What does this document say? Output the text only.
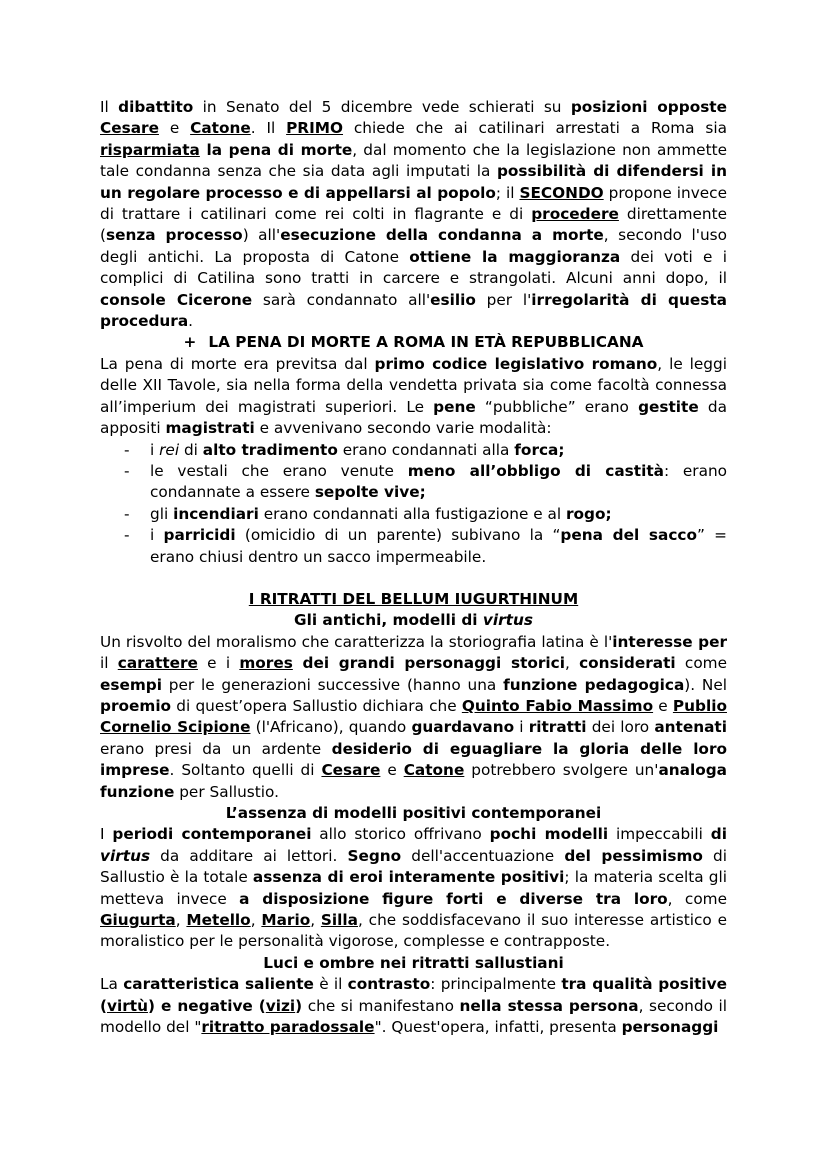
Il dibattito in Senato del 5 dicembre vede schierati su posizioni opposte Cesare e Catone. Il PRIMO chiede che ai catilinari arrestati a Roma sia risparmiata la pena di morte, dal momento che la legislazione non ammette tale condanna senza che sia data agli imputati la possibilità di difendersi in un regolare processo e di appellarsi al popolo; il SECONDO propone invece di trattare i catilinari come rei colti in flagrante e di procedere direttamente (senza processo) all'esecuzione della condanna a morte, secondo l'uso degli antichi. La proposta di Catone ottiene la maggioranza dei voti e i complici di Catilina sono tratti in carcere e strangolati. Alcuni anni dopo, il console Cicerone sarà condannato all'esilio per l'irregolarità di questa procedura.

+ LA PENA DI MORTE A ROMA IN ETÀ REPUBBLICANA

La pena di morte era previtsa dal primo codice legislativo romano, le leggi delle XII Tavole, sia nella forma della vendetta privata sia come facoltà connessa all’imperium dei magistrati superiori. Le pene “pubbliche” erano gestite da appositi magistrati e avvenivano secondo varie modalità:

- i rei di alto tradimento erano condannati alla forca;
- le vestali che erano venute meno all’obbligo di castità: erano condannate a essere sepolte vive;
- gli incendiari erano condannati alla fustigazione e al rogo;
- i parricidi (omicidio di un parente) subivano la “pena del sacco” = erano chiusi dentro un sacco impermeabile.

I RITRATTI DEL BELLUM IUGURTHINUM

Gli antichi, modelli di virtus

Un risvolto del moralismo che caratterizza la storiografia latina è l'interesse per il carattere e i mores dei grandi personaggi storici, considerati come esempi per le generazioni successive (hanno una funzione pedagogica). Nel proemio di quest’opera Sallustio dichiara che Quinto Fabio Massimo e Publio Cornelio Scipione (l'Africano), quando guardavano i ritratti dei loro antenati erano presi da un ardente desiderio di eguagliare la gloria delle loro imprese. Soltanto quelli di Cesare e Catone potrebbero svolgere un'analoga funzione per Sallustio.

L’assenza di modelli positivi contemporanei

I periodi contemporanei allo storico offrivano pochi modelli impeccabili di virtus da additare ai lettori. Segno dell'accentuazione del pessimismo di Sallustio è la totale assenza di eroi interamente positivi; la materia scelta gli metteva invece a disposizione figure forti e diverse tra loro, come Giugurta, Metello, Mario, Silla, che soddisfacevano il suo interesse artistico e moralistico per le personalità vigorose, complesse e contrapposte.

Luci e ombre nei ritratti sallustiani

La caratteristica saliente è il contrasto: principalmente tra qualità positive (virtù) e negative (vizi) che si manifestano nella stessa persona, secondo il modello del "ritratto paradossale". Quest'opera, infatti, presenta personaggi
